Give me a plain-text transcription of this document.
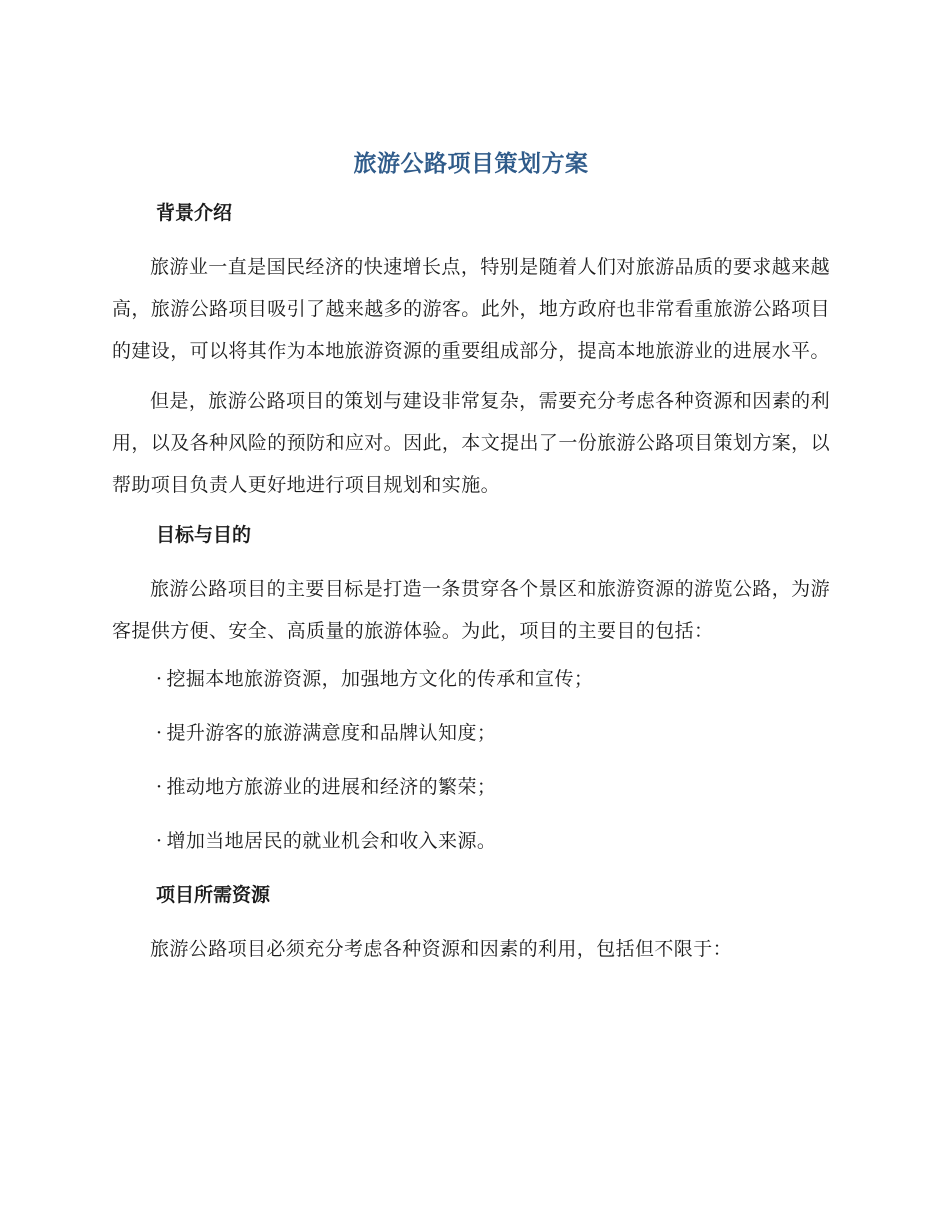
旅游公路项目策划方案
背景介绍

旅游业一直是国民经济的快速增长点，特别是随着人们对旅游品质的要求越来越高，旅游公路项目吸引了越来越多的游客。此外，地方政府也非常看重旅游公路项目的建设，可以将其作为本地旅游资源的重要组成部分，提高本地旅游业的进展水平。

但是，旅游公路项目的策划与建设非常复杂，需要充分考虑各种资源和因素的利用，以及各种风险的预防和应对。因此，本文提出了一份旅游公路项目策划方案，以帮助项目负责人更好地进行项目规划和实施。

目标与目的

旅游公路项目的主要目标是打造一条贯穿各个景区和旅游资源的游览公路，为游客提供方便、安全、高质量的旅游体验。为此，项目的主要目的包括：

· 挖掘本地旅游资源，加强地方文化的传承和宣传；
· 提升游客的旅游满意度和品牌认知度；
· 推动地方旅游业的进展和经济的繁荣；
· 增加当地居民的就业机会和收入来源。
项目所需资源

旅游公路项目必须充分考虑各种资源和因素的利用，包括但不限于：
